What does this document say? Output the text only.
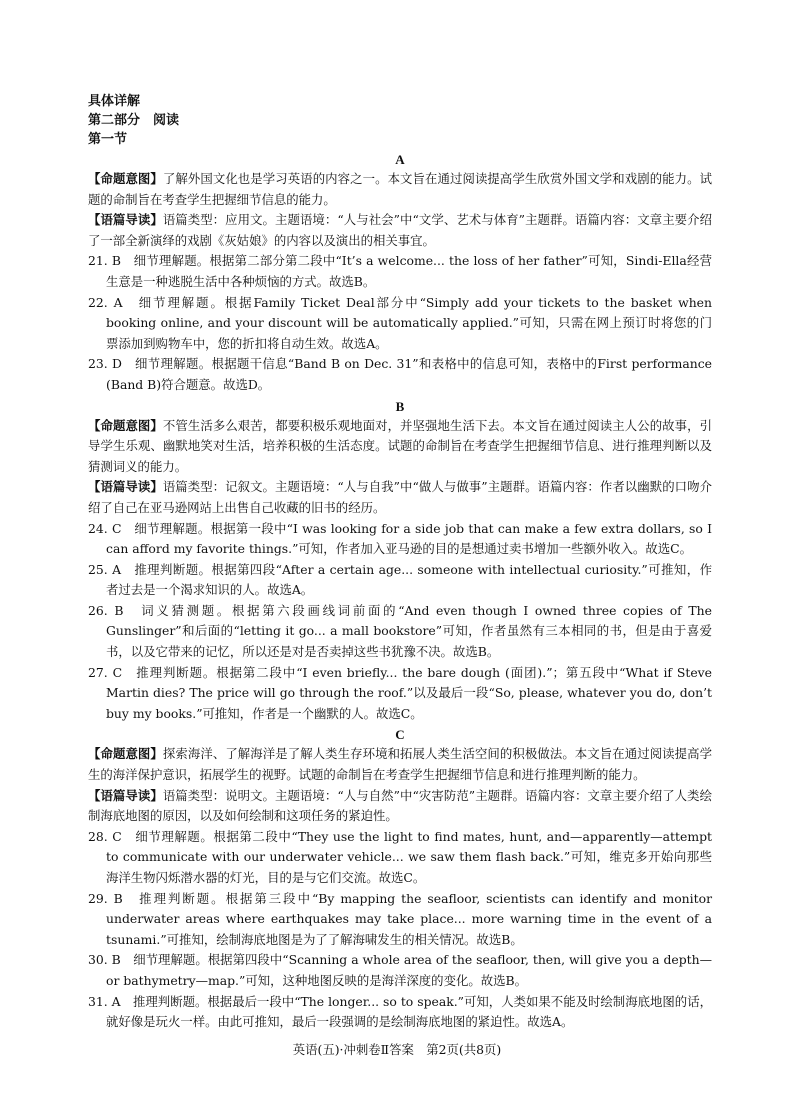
具体详解
第二部分　阅读
第一节
A
【命题意图】了解外国文化也是学习英语的内容之一。本文旨在通过阅读提高学生欣赏外国文学和戏剧的能力。试题的命制旨在考查学生把握细节信息的能力。
【语篇导读】语篇类型：应用文。主题语境：“人与社会”中“文学、艺术与体育”主题群。语篇内容：文章主要介绍了一部全新演绎的戏剧《灰姑娘》的内容以及演出的相关事宜。
21. B　细节理解题。根据第二部分第二段中“It’s a welcome... the loss of her father”可知，Sindi-Ella经营生意是一种逃脱生活中各种烦恼的方式。故选B。
22. A　细节理解题。根据Family Ticket Deal部分中“Simply add your tickets to the basket when booking online, and your discount will be automatically applied.”可知，只需在网上预订时将您的门票添加到购物车中，您的折扣将自动生效。故选A。
23. D　细节理解题。根据题干信息“Band B on Dec. 31”和表格中的信息可知，表格中的First performance (Band B)符合题意。故选D。
B
【命题意图】不管生活多么艰苦，都要积极乐观地面对，并坚强地生活下去。本文旨在通过阅读主人公的故事，引导学生乐观、幽默地笑对生活，培养积极的生活态度。试题的命制旨在考查学生把握细节信息、进行推理判断以及猜测词义的能力。
【语篇导读】语篇类型：记叙文。主题语境：“人与自我”中“做人与做事”主题群。语篇内容：作者以幽默的口吻介绍了自己在亚马逊网站上出售自己收藏的旧书的经历。
24. C　细节理解题。根据第一段中“I was looking for a side job that can make a few extra dollars, so I can afford my favorite things.”可知，作者加入亚马逊的目的是想通过卖书增加一些额外收入。故选C。
25. A　推理判断题。根据第四段“After a certain age... someone with intellectual curiosity.”可推知，作者过去是一个渴求知识的人。故选A。
26. B　词义猜测题。根据第六段画线词前面的“And even though I owned three copies of The Gunslinger”和后面的“letting it go... a mall bookstore”可知，作者虽然有三本相同的书，但是由于喜爱书，以及它带来的记忆，所以还是对是否卖掉这些书犹豫不决。故选B。
27. C　推理判断题。根据第二段中“I even briefly... the bare dough (面团).”；第五段中“What if Steve Martin dies? The price will go through the roof.”以及最后一段“So, please, whatever you do, don’t buy my books.”可推知，作者是一个幽默的人。故选C。
C
【命题意图】探索海洋、了解海洋是了解人类生存环境和拓展人类生活空间的积极做法。本文旨在通过阅读提高学生的海洋保护意识，拓展学生的视野。试题的命制旨在考查学生把握细节信息和进行推理判断的能力。
【语篇导读】语篇类型：说明文。主题语境：“人与自然”中“灾害防范”主题群。语篇内容：文章主要介绍了人类绘制海底地图的原因，以及如何绘制和这项任务的紧迫性。
28. C　细节理解题。根据第二段中“They use the light to find mates, hunt, and—apparently—attempt to communicate with our underwater vehicle... we saw them flash back.”可知，维克多开始向那些海洋生物闪烁潜水器的灯光，目的是与它们交流。故选C。
29. B　推理判断题。根据第三段中“By mapping the seafloor, scientists can identify and monitor underwater areas where earthquakes may take place... more warning time in the event of a tsunami.”可推知，绘制海底地图是为了了解海啸发生的相关情况。故选B。
30. B　细节理解题。根据第四段中“Scanning a whole area of the seafloor, then, will give you a depth—or bathymetry—map.”可知，这种地图反映的是海洋深度的变化。故选B。
31. A　推理判断题。根据最后一段中“The longer... so to speak.”可知，人类如果不能及时绘制海底地图的话，就好像是玩火一样。由此可推知，最后一段强调的是绘制海底地图的紧迫性。故选A。
英语(五)·冲刺卷Ⅱ答案　第2页(共8页)
